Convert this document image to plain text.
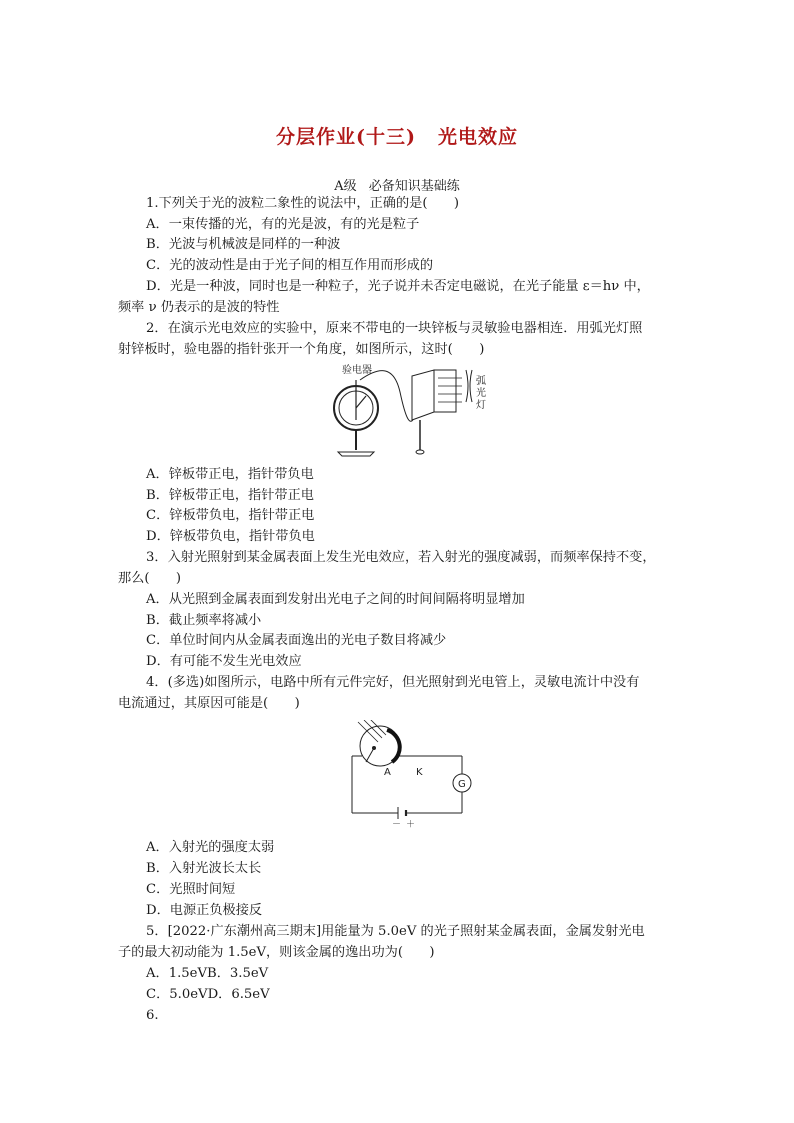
分层作业(十三) 光电效应
A级 必备知识基础练
1.下列关于光的波粒二象性的说法中，正确的是(　　)
A．一束传播的光，有的光是波，有的光是粒子
B．光波与机械波是同样的一种波
C．光的波动性是由于光子间的相互作用而形成的
D．光是一种波，同时也是一种粒子，光子说并未否定电磁说，在光子能量 ε＝hν 中，
频率 ν 仍表示的是波的特性
2．在演示光电效应的实验中，原来不带电的一块锌板与灵敏验电器相连．用弧光灯照
射锌板时，验电器的指针张开一个角度，如图所示，这时(　　)
验电器
弧
光
灯
A．锌板带正电，指针带负电
B．锌板带正电，指针带正电
C．锌板带负电，指针带正电
D．锌板带负电，指针带负电
3．入射光照射到某金属表面上发生光电效应，若入射光的强度减弱，而频率保持不变，
那么(　　)
A．从光照到金属表面到发射出光电子之间的时间间隔将明显增加
B．截止频率将减小
C．单位时间内从金属表面逸出的光电子数目将减少
D．有可能不发生光电效应
4．(多选)如图所示，电路中所有元件完好，但光照射到光电管上，灵敏电流计中没有
电流通过，其原因可能是(　　)
－ ＋
G
A	K
A．入射光的强度太弱
B．入射光波长太长
C．光照时间短
D．电源正负极接反
5．[2022·广东潮州高三期末]用能量为 5.0eV 的光子照射某金属表面，金属发射光电
子的最大初动能为 1.5eV，则该金属的逸出功为(　　)
A．1.5eVB．3.5eV
C．5.0eVD．6.5eV
6.
